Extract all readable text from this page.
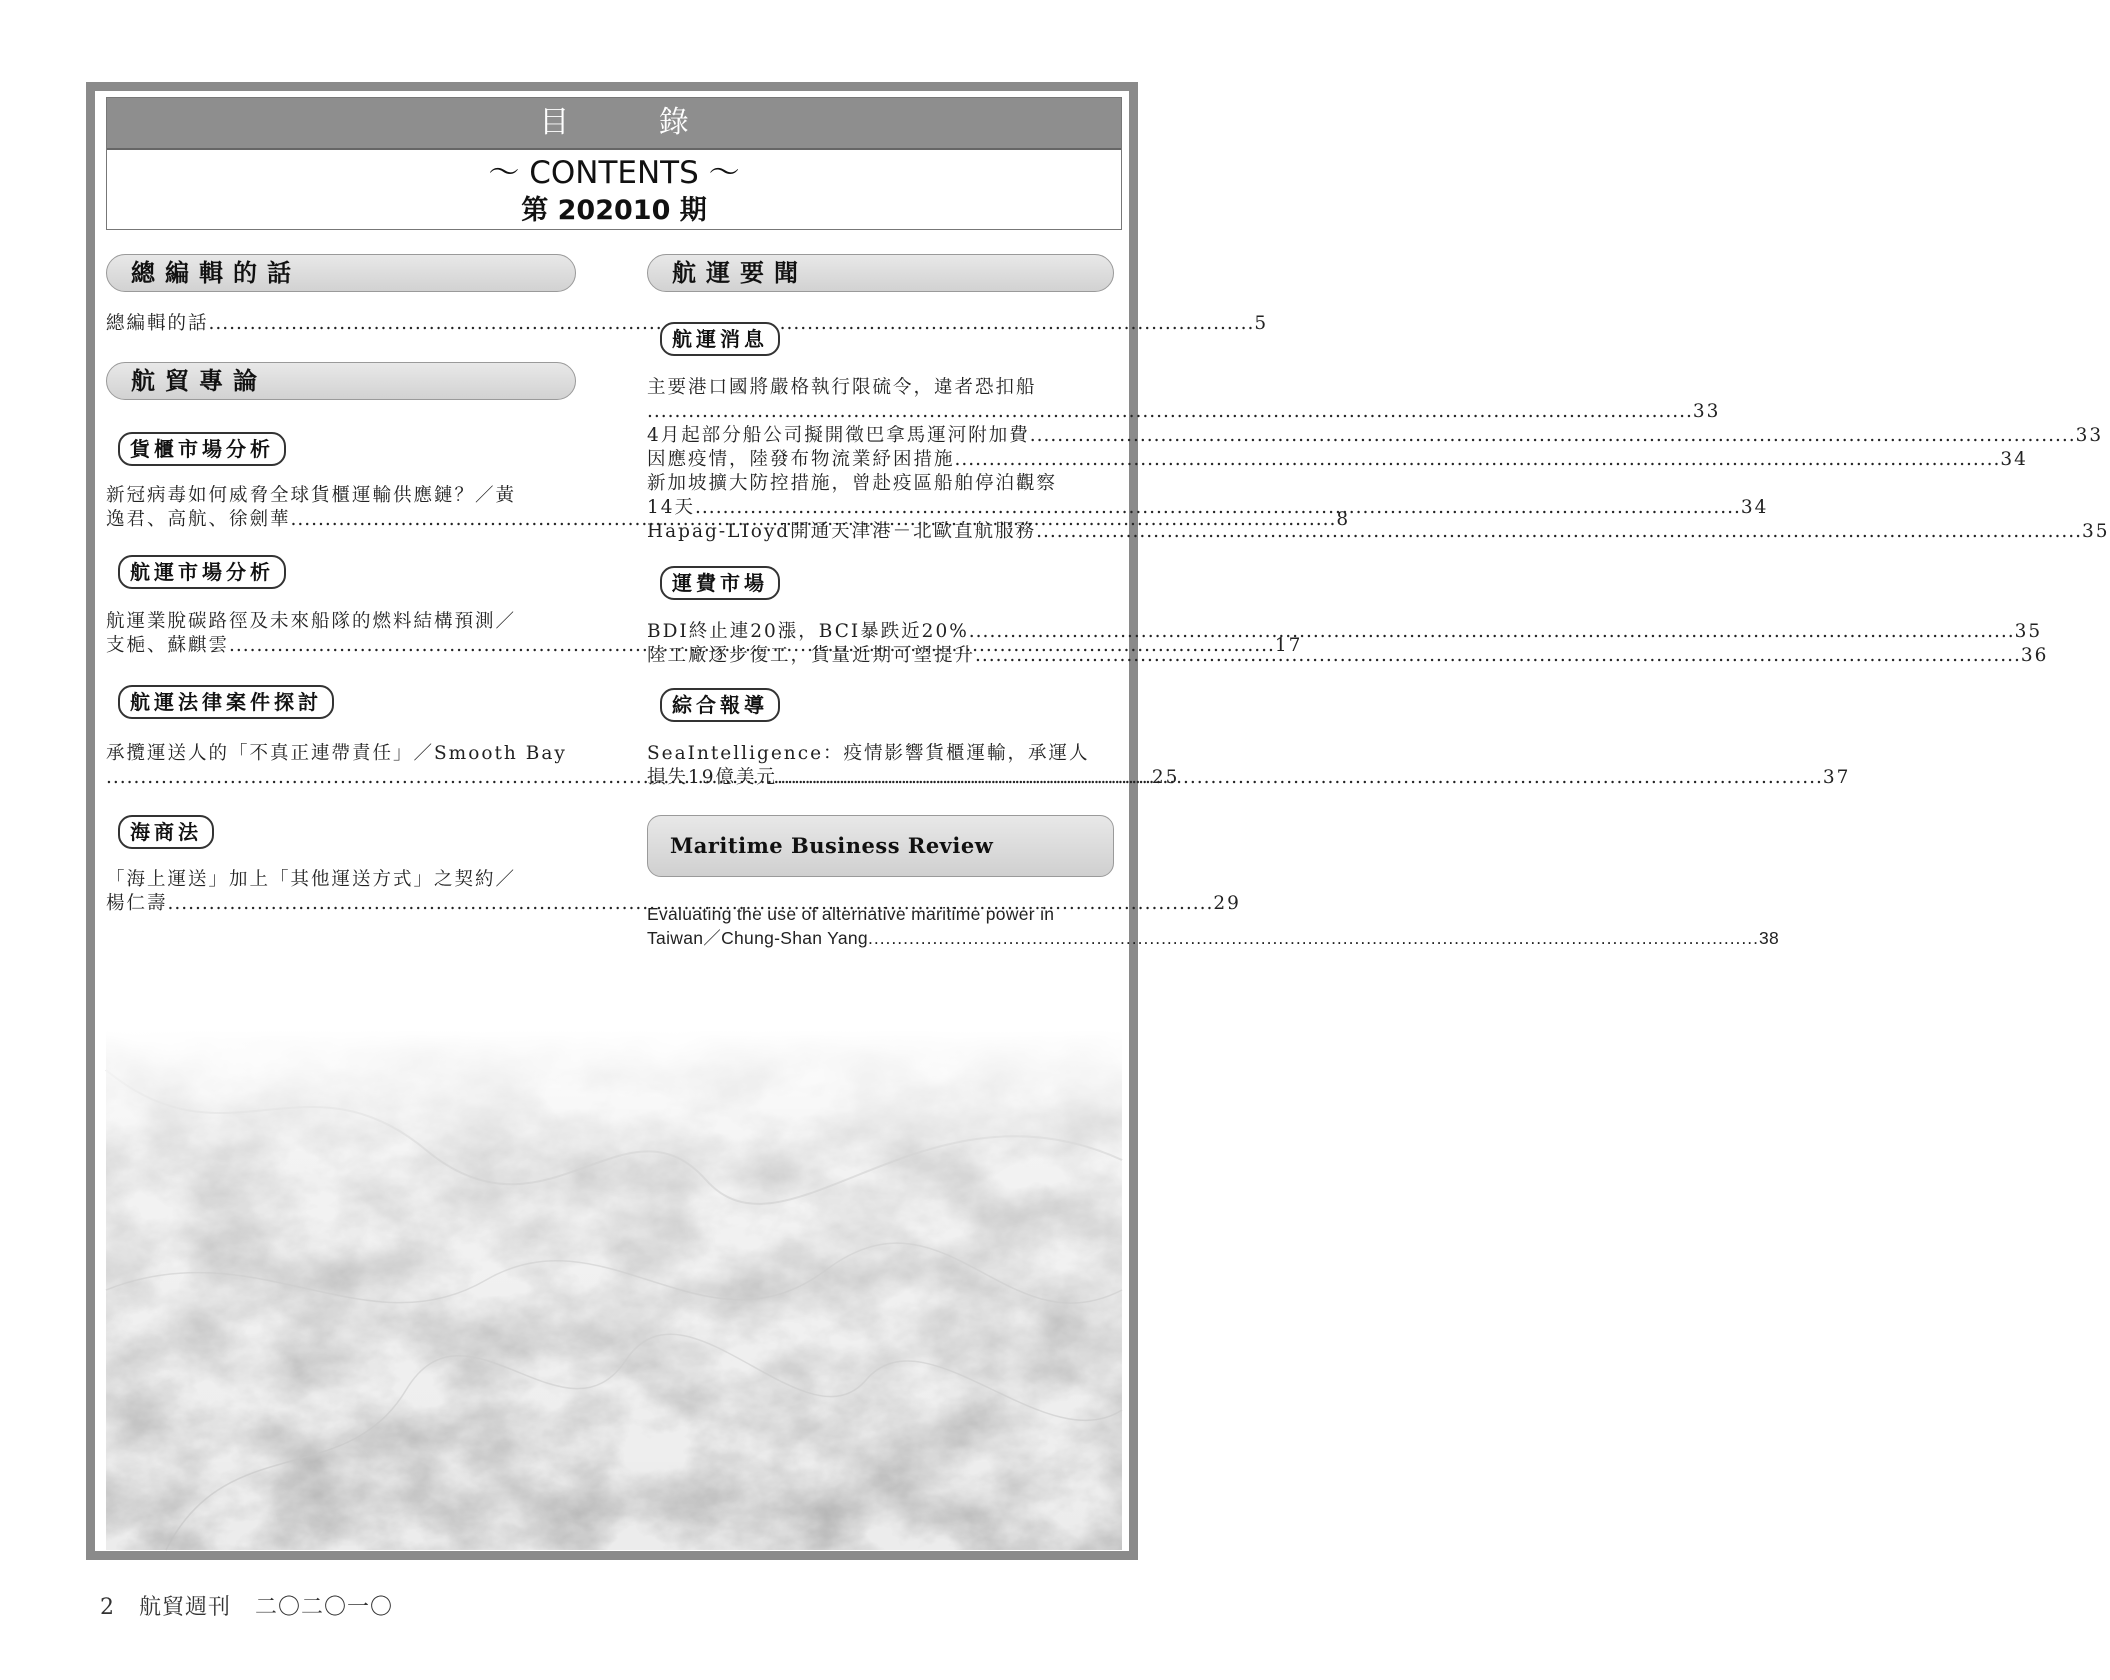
目 錄
～ CONTENTS ～
第 202010 期
總編輯的話
總編輯的話 .....	5
航貿專論
貨櫃市場分析
新冠病毒如何威脅全球貨櫃運輸供應鏈？／黃
逸君、高航、徐劍華 .....	8
航運市場分析
航運業脫碳路徑及未來船隊的燃料結構預測／
支梔、蘇麒雲 .....	17
航運法律案件探討
承攬運送人的「不真正連帶責任」／Smooth Bay
..... 25
海商法
「海上運送」加上「其他運送方式」之契約／
楊仁壽 .....	29
航運要聞
航運消息
主要港口國將嚴格執行限硫令，違者恐扣船
..... 33
4月起部分船公司擬開徵巴拿馬運河附加費 .....	33
因應疫情，陸發布物流業紓困措施 .....	34
新加坡擴大防控措施，曾赴疫區船舶停泊觀察
14天 .....	34
Hapag-LIoyd開通天津港－北歐直航服務 .....	35
運費市場
BDI終止連20漲，BCI暴跌近20% .....	35
陸工廠逐步復工，貨量近期可望提升 .....	36
綜合報導
SeaIntelligence：疫情影響貨櫃運輸，承運人
損失19億美元 .....	37
Maritime Business Review
Evaluating the use of alternative maritime power in
Taiwan／Chung-Shan Yang .....	38
2 航貿週刊 二〇二〇一〇
